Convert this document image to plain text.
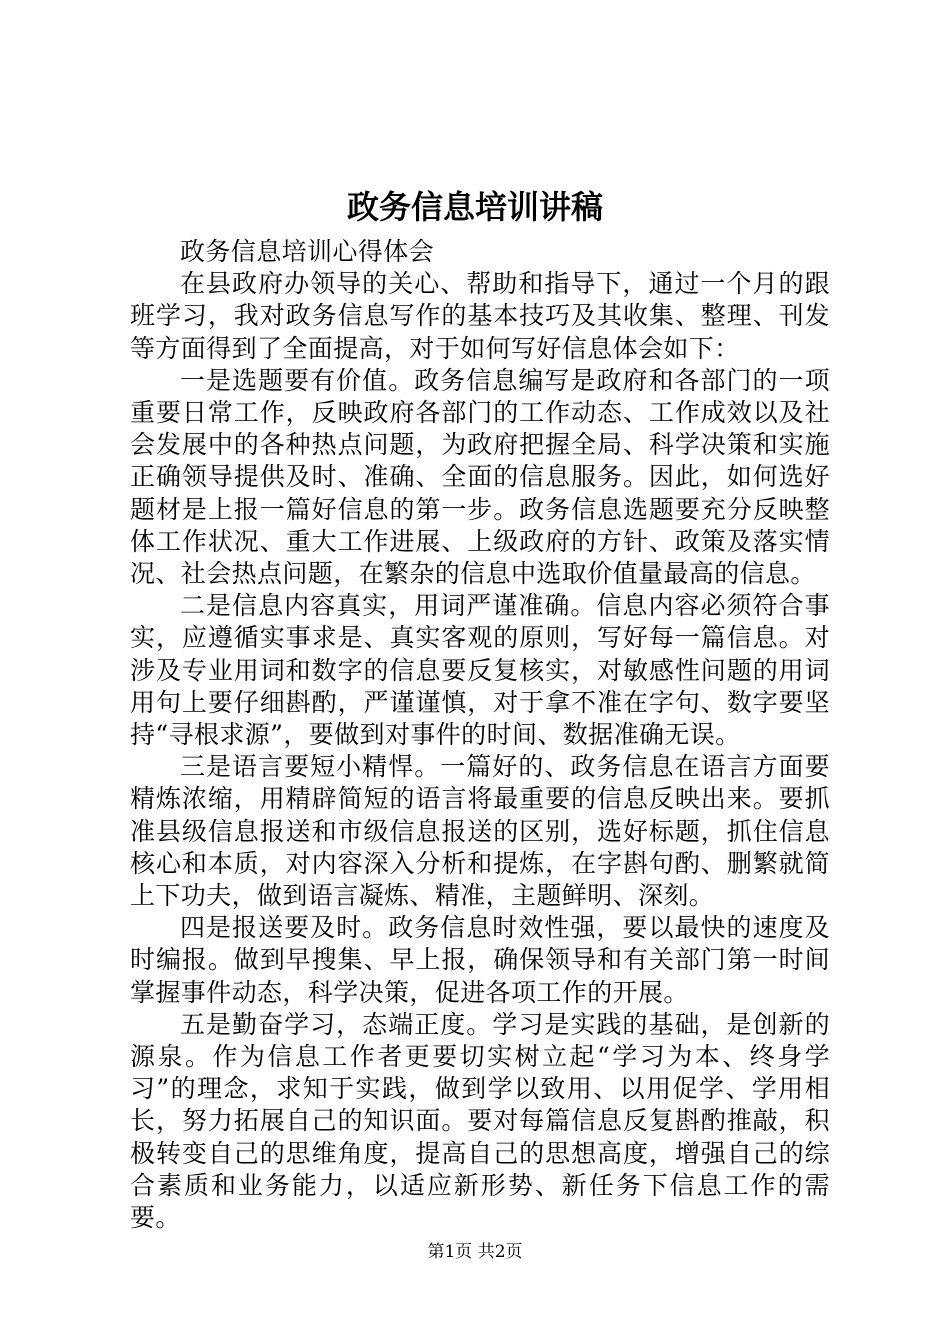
政务信息培训讲稿

政务信息培训心得体会

在县政府办领导的关心、帮助和指导下，通过一个月的跟班学习，我对政务信息写作的基本技巧及其收集、整理、刊发等方面得到了全面提高，对于如何写好信息体会如下：

一是选题要有价值。政务信息编写是政府和各部门的一项重要日常工作，反映政府各部门的工作动态、工作成效以及社会发展中的各种热点问题，为政府把握全局、科学决策和实施正确领导提供及时、准确、全面的信息服务。因此，如何选好题材是上报一篇好信息的第一步。政务信息选题要充分反映整体工作状况、重大工作进展、上级政府的方针、政策及落实情况、社会热点问题，在繁杂的信息中选取价值量最高的信息。

二是信息内容真实，用词严谨准确。信息内容必须符合事实，应遵循实事求是、真实客观的原则，写好每一篇信息。对涉及专业用词和数字的信息要反复核实，对敏感性问题的用词用句上要仔细斟酌，严谨谨慎，对于拿不准在字句、数字要坚持“寻根求源”，要做到对事件的时间、数据准确无误。

三是语言要短小精悍。一篇好的、政务信息在语言方面要精炼浓缩，用精辟简短的语言将最重要的信息反映出来。要抓准县级信息报送和市级信息报送的区别，选好标题，抓住信息核心和本质，对内容深入分析和提炼，在字斟句酌、删繁就简上下功夫，做到语言凝炼、精准，主题鲜明、深刻。

四是报送要及时。政务信息时效性强，要以最快的速度及时编报。做到早搜集、早上报，确保领导和有关部门第一时间掌握事件动态，科学决策，促进各项工作的开展。

五是勤奋学习，态端正度。学习是实践的基础，是创新的源泉。作为信息工作者更要切实树立起“学习为本、终身学习”的理念，求知于实践，做到学以致用、以用促学、学用相长，努力拓展自己的知识面。要对每篇信息反复斟酌推敲，积极转变自己的思维角度，提高自己的思想高度，增强自己的综合素质和业务能力，以适应新形势、新任务下信息工作的需要。

第1页 共2页
